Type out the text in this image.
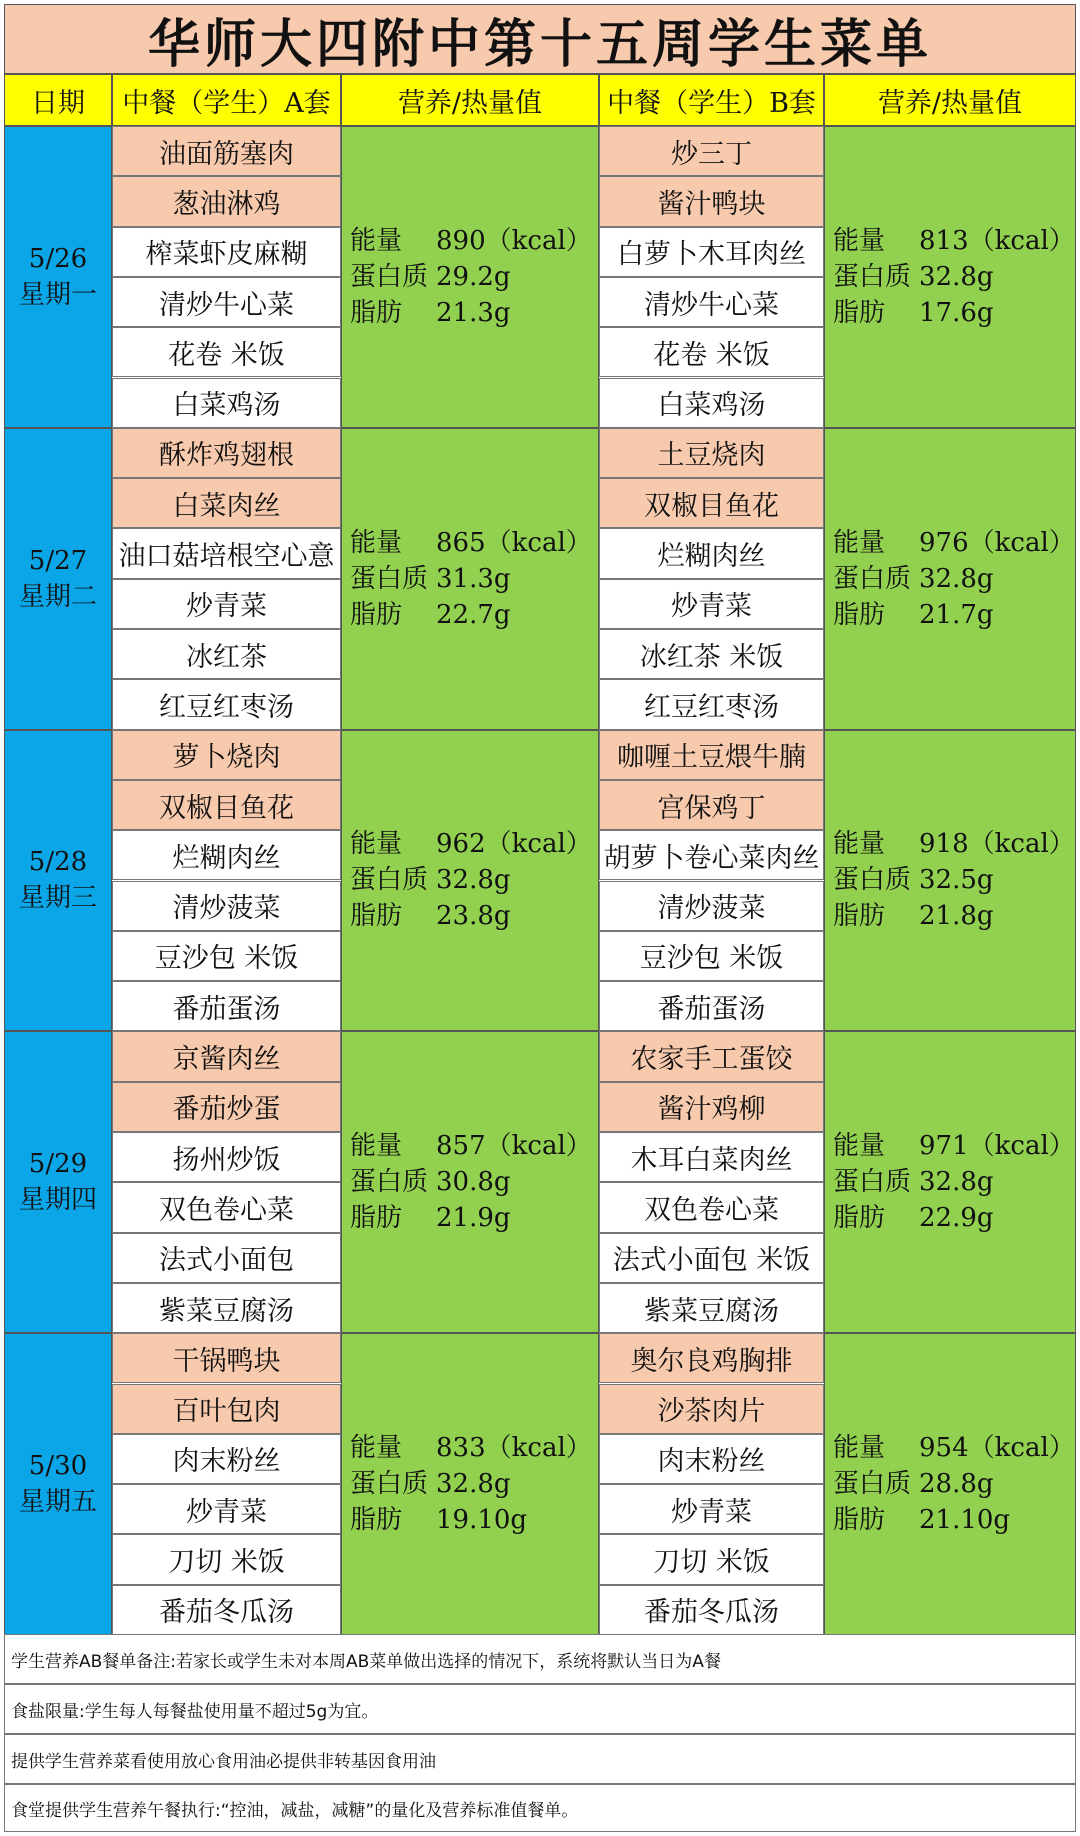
华师大四附中第十五周学生菜单
日期	中餐（学生）A套	营养/热量值	中餐（学生）B套	营养/热量值
5/26
星期一
油面筋塞肉	炒三丁
葱油淋鸡	酱汁鸭块
榨菜虾皮麻糊	白萝卜木耳肉丝
清炒牛心菜	清炒牛心菜
花卷 米饭	花卷 米饭
白菜鸡汤	白菜鸡汤
能量	890（kcal）
蛋白质 29.2g
脂肪	21.3g
能量	813（kcal）
蛋白质 32.8g
脂肪	17.6g
5/27
星期二
酥炸鸡翅根	土豆烧肉
白菜肉丝	双椒目鱼花
油口菇培根空心意	烂糊肉丝
炒青菜	炒青菜
冰红茶	冰红茶 米饭
红豆红枣汤	红豆红枣汤
能量	865（kcal）
蛋白质 31.3g
脂肪	22.7g
能量	976（kcal）
蛋白质 32.8g
脂肪	21.7g
5/28
星期三
萝卜烧肉	咖喱土豆煨牛腩
双椒目鱼花	宫保鸡丁
烂糊肉丝	胡萝卜卷心菜肉丝
清炒菠菜	清炒菠菜
豆沙包 米饭	豆沙包 米饭
番茄蛋汤	番茄蛋汤
能量	962（kcal）
蛋白质 32.8g
脂肪	23.8g
能量	918（kcal）
蛋白质 32.5g
脂肪	21.8g
5/29
星期四
京酱肉丝	农家手工蛋饺
番茄炒蛋	酱汁鸡柳
扬州炒饭	木耳白菜肉丝
双色卷心菜	双色卷心菜
法式小面包	法式小面包 米饭
紫菜豆腐汤	紫菜豆腐汤
能量	857（kcal）
蛋白质 30.8g
脂肪	21.9g
能量	971（kcal）
蛋白质 32.8g
脂肪	22.9g
5/30
星期五
干锅鸭块	奥尔良鸡胸排
百叶包肉	沙茶肉片
肉末粉丝	肉末粉丝
炒青菜	炒青菜
刀切 米饭	刀切 米饭
番茄冬瓜汤	番茄冬瓜汤
能量	833（kcal）
蛋白质 32.8g
脂肪	19.10g
能量	954（kcal）
蛋白质 28.8g
脂肪	21.10g
学生营养AB餐单备注:若家长或学生未对本周AB菜单做出选择的情况下，系统将默认当日为A餐
食盐限量:学生每人每餐盐使用量不超过5g为宜。
提供学生营养菜看使用放心食用油必提供非转基因食用油
食堂提供学生营养午餐执行:“控油，减盐，减糖”的量化及营养标准值餐单。
